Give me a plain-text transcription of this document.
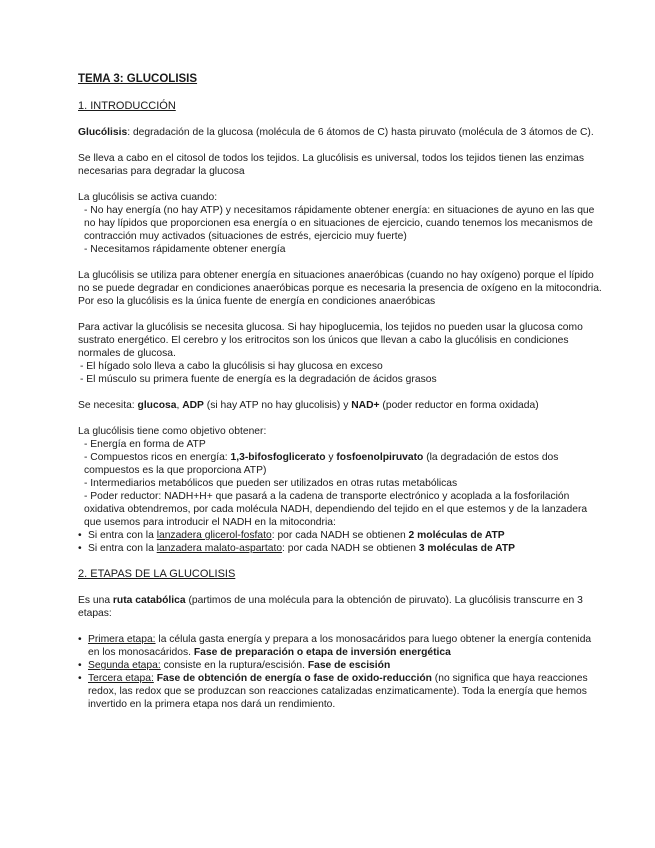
TEMA 3: GLUCOLISIS
1. INTRODUCCIÓN

Glucólisis: degradación de la glucosa (molécula de 6 átomos de C) hasta piruvato (molécula de 3 átomos de C).

Se lleva a cabo en el citosol de todos los tejidos. La glucólisis es universal, todos los tejidos tienen las enzimas necesarias para degradar la glucosa

La glucólisis se activa cuando:
- No hay energía (no hay ATP) y necesitamos rápidamente obtener energía: en situaciones de ayuno en las que no hay lípidos que proporcionen esa energía o en situaciones de ejercicio, cuando tenemos los mecanismos de contracción muy activados (situaciones de estrés, ejercicio muy fuerte)
- Necesitamos rápidamente obtener energía

La glucólisis se utiliza para obtener energía en situaciones anaeróbicas (cuando no hay oxígeno) porque el lípido no se puede degradar en condiciones anaeróbicas porque es necesaria la presencia de oxígeno en la mitocondria. Por eso la glucólisis es la única fuente de energía en condiciones anaeróbicas

Para activar la glucólisis se necesita glucosa. Si hay hipoglucemia, los tejidos no pueden usar la glucosa como sustrato energético. El cerebro y los eritrocitos son los únicos que llevan a cabo la glucólisis en condiciones normales de glucosa.
- El hígado solo lleva a cabo la glucólisis si hay glucosa en exceso
- El músculo su primera fuente de energía es la degradación de ácidos grasos

Se necesita: glucosa, ADP (si hay ATP no hay glucolisis) y NAD+ (poder reductor en forma oxidada)

La glucólisis tiene como objetivo obtener:
- Energía en forma de ATP
- Compuestos ricos en energía: 1,3-bifosfoglicerato y fosfoenolpiruvato (la degradación de estos dos compuestos es la que proporciona ATP)
- Intermediarios metabólicos que pueden ser utilizados en otras rutas metabólicas
- Poder reductor: NADH+H+ que pasará a la cadena de transporte electrónico y acoplada a la fosforilación oxidativa obtendremos, por cada molécula NADH, dependiendo del tejido en el que estemos y de la lanzadera que usemos para introducir el NADH en la mitocondria:
• Si entra con la lanzadera glicerol-fosfato: por cada NADH se obtienen 2 moléculas de ATP
• Si entra con la lanzadera malato-aspartato: por cada NADH se obtienen 3 moléculas de ATP
2. ETAPAS DE LA GLUCOLISIS

Es una ruta catabólica (partimos de una molécula para la obtención de piruvato). La glucólisis transcurre en 3 etapas:

• Primera etapa: la célula gasta energía y prepara a los monosacáridos para luego obtener la energía contenida en los monosacáridos. Fase de preparación o etapa de inversión energética
• Segunda etapa: consiste en la ruptura/escisión. Fase de escisión
• Tercera etapa: Fase de obtención de energía o fase de oxido-reducción (no significa que haya reacciones redox, las redox que se produzcan son reacciones catalizadas enzimaticamente). Toda la energía que hemos invertido en la primera etapa nos dará un rendimiento.
